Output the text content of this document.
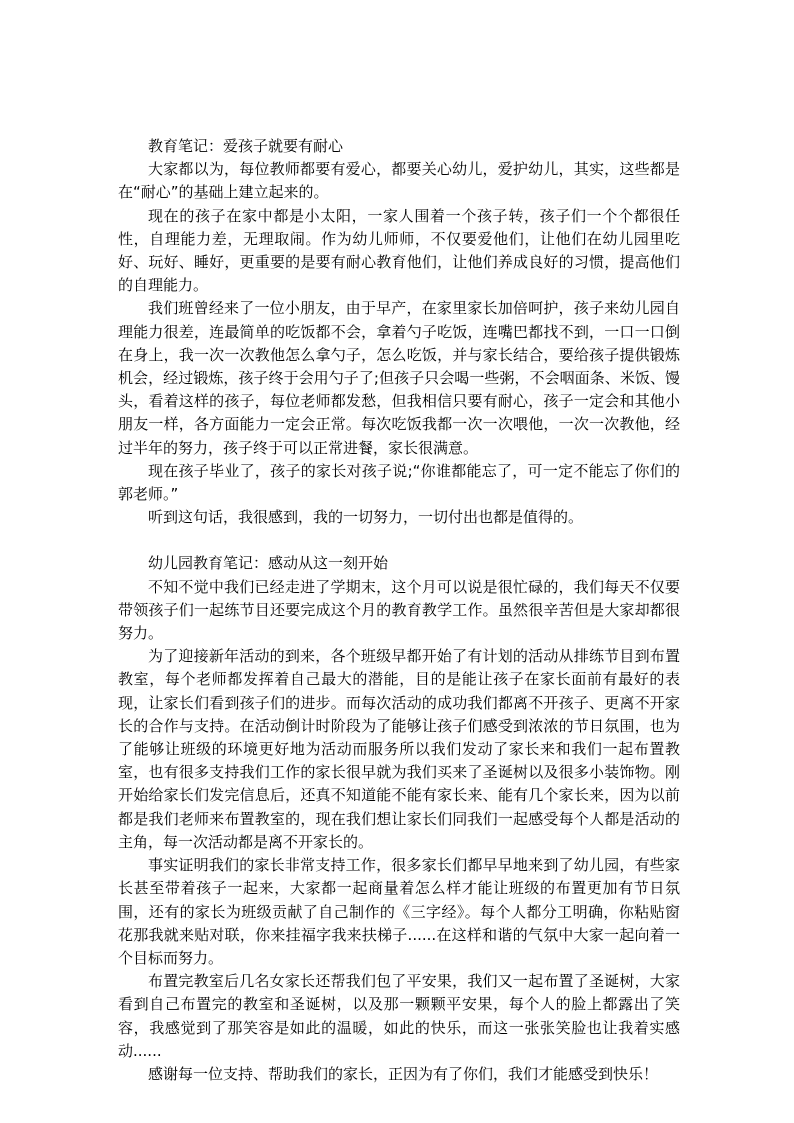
教育笔记：爱孩子就要有耐心

大家都以为，每位教师都要有爱心，都要关心幼儿，爱护幼儿，其实，这些都是在“耐心”的基础上建立起来的。

现在的孩子在家中都是小太阳，一家人围着一个孩子转，孩子们一个个都很任性，自理能力差，无理取闹。作为幼儿师师，不仅要爱他们，让他们在幼儿园里吃好、玩好、睡好，更重要的是要有耐心教育他们，让他们养成良好的习惯，提高他们的自理能力。

我们班曾经来了一位小朋友，由于早产，在家里家长加倍呵护，孩子来幼儿园自理能力很差，连最简单的吃饭都不会，拿着勺子吃饭，连嘴巴都找不到，一口一口倒在身上，我一次一次教他怎么拿勺子，怎么吃饭，并与家长结合，要给孩子提供锻炼机会，经过锻炼，孩子终于会用勺子了;但孩子只会喝一些粥，不会咽面条、米饭、馒头，看着这样的孩子，每位老师都发愁，但我相信只要有耐心，孩子一定会和其他小朋友一样，各方面能力一定会正常。每次吃饭我都一次一次喂他，一次一次教他，经过半年的努力，孩子终于可以正常进餐，家长很满意。

现在孩子毕业了，孩子的家长对孩子说;“你谁都能忘了，可一定不能忘了你们的郭老师。”

听到这句话，我很感到，我的一切努力，一切付出也都是值得的。

幼儿园教育笔记：感动从这一刻开始

不知不觉中我们已经走进了学期末，这个月可以说是很忙碌的，我们每天不仅要带领孩子们一起练节目还要完成这个月的教育教学工作。虽然很辛苦但是大家却都很努力。

为了迎接新年活动的到来，各个班级早都开始了有计划的活动从排练节目到布置教室，每个老师都发挥着自己最大的潜能，目的是能让孩子在家长面前有最好的表现，让家长们看到孩子们的进步。而每次活动的成功我们都离不开孩子、更离不开家长的合作与支持。在活动倒计时阶段为了能够让孩子们感受到浓浓的节日氛围，也为了能够让班级的环境更好地为活动而服务所以我们发动了家长来和我们一起布置教室，也有很多支持我们工作的家长很早就为我们买来了圣诞树以及很多小装饰物。刚开始给家长们发完信息后，还真不知道能不能有家长来、能有几个家长来，因为以前都是我们老师来布置教室的，现在我们想让家长们同我们一起感受每个人都是活动的主角，每一次活动都是离不开家长的。

事实证明我们的家长非常支持工作，很多家长们都早早地来到了幼儿园，有些家长甚至带着孩子一起来，大家都一起商量着怎么样才能让班级的布置更加有节日氛围，还有的家长为班级贡献了自己制作的《三字经》。每个人都分工明确，你粘贴窗花那我就来贴对联，你来挂福字我来扶梯子......在这样和谐的气氛中大家一起向着一个目标而努力。

布置完教室后几名女家长还帮我们包了平安果，我们又一起布置了圣诞树，大家看到自己布置完的教室和圣诞树，以及那一颗颗平安果，每个人的脸上都露出了笑容，我感觉到了那笑容是如此的温暖，如此的快乐，而这一张张笑脸也让我着实感动......

感谢每一位支持、帮助我们的家长，正因为有了你们，我们才能感受到快乐！
